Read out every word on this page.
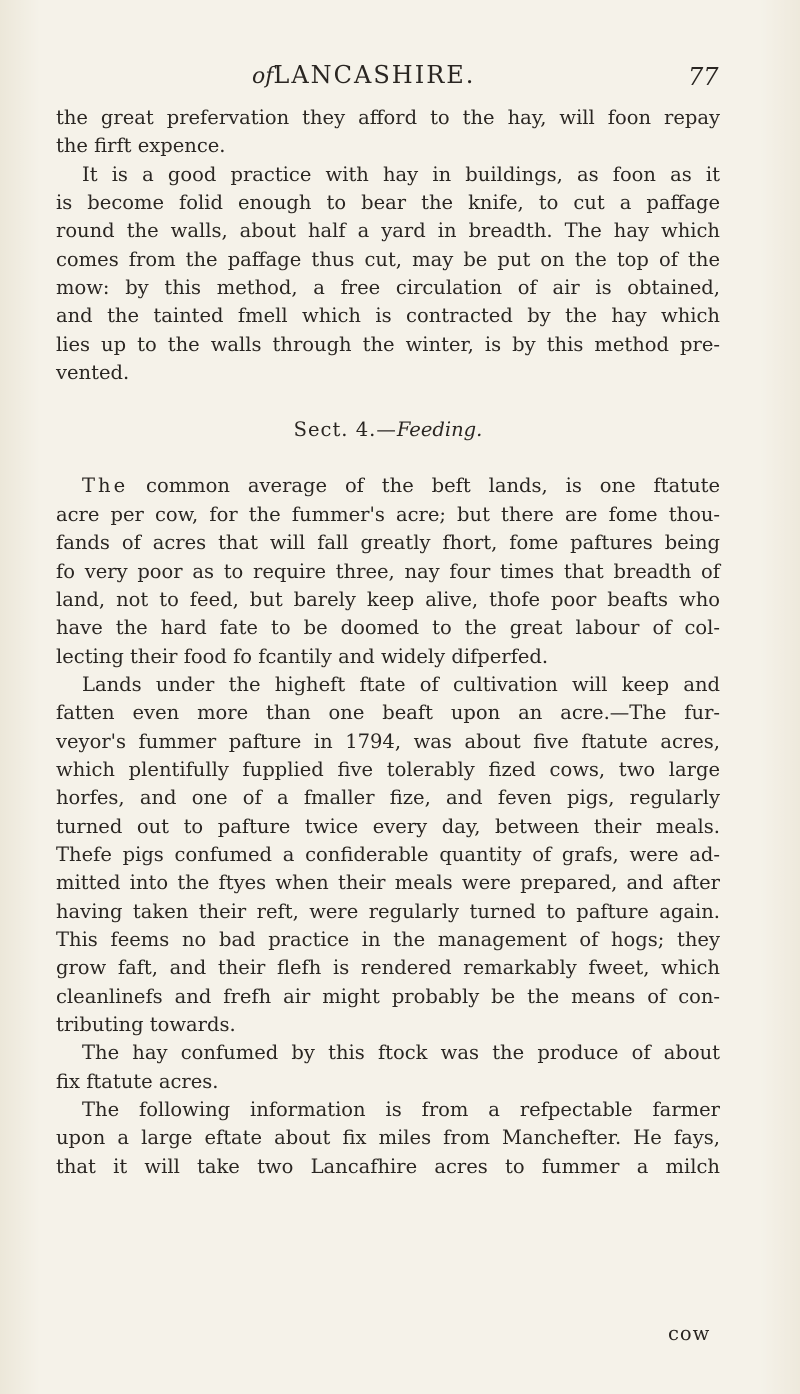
ofLANCASHIRE.	77
the great prefervation they afford to the hay, will foon repay
the firft expence.
It is a good practice with hay in buildings, as foon as it
is become folid enough to bear the knife, to cut a paffage
round the walls, about half a yard in breadth. The hay which
comes from the paffage thus cut, may be put on the top of the
mow: by this method, a free circulation of air is obtained,
and the tainted fmell which is contracted by the hay which
lies up to the walls through the winter, is by this method pre-
vented.
Sect. 4.—Feeding.
The common average of the beft lands, is one ftatute
acre per cow, for the fummer's acre; but there are fome thou-
fands of acres that will fall greatly fhort, fome paftures being
fo very poor as to require three, nay four times that breadth of
land, not to feed, but barely keep alive, thofe poor beafts who
have the hard fate to be doomed to the great labour of col-
lecting their food fo fcantily and widely difperfed.
Lands under the higheft ftate of cultivation will keep and
fatten even more than one beaft upon an acre.—The fur-
veyor's fummer pafture in 1794, was about five ftatute acres,
which plentifully fupplied five tolerably fized cows, two large
horfes, and one of a fmaller fize, and feven pigs, regularly
turned out to pafture twice every day, between their meals.
Thefe pigs confumed a confiderable quantity of grafs, were ad-
mitted into the ftyes when their meals were prepared, and after
having taken their reft, were regularly turned to pafture again.
This feems no bad practice in the management of hogs; they
grow faft, and their flefh is rendered remarkably fweet, which
cleanlinefs and frefh air might probably be the means of con-
tributing towards.
The hay confumed by this ftock was the produce of about
fix ftatute acres.
The following information is from a refpectable farmer
upon a large eftate about fix miles from Manchefter. He fays,
that it will take two Lancafhire acres to fummer a milch
cow
